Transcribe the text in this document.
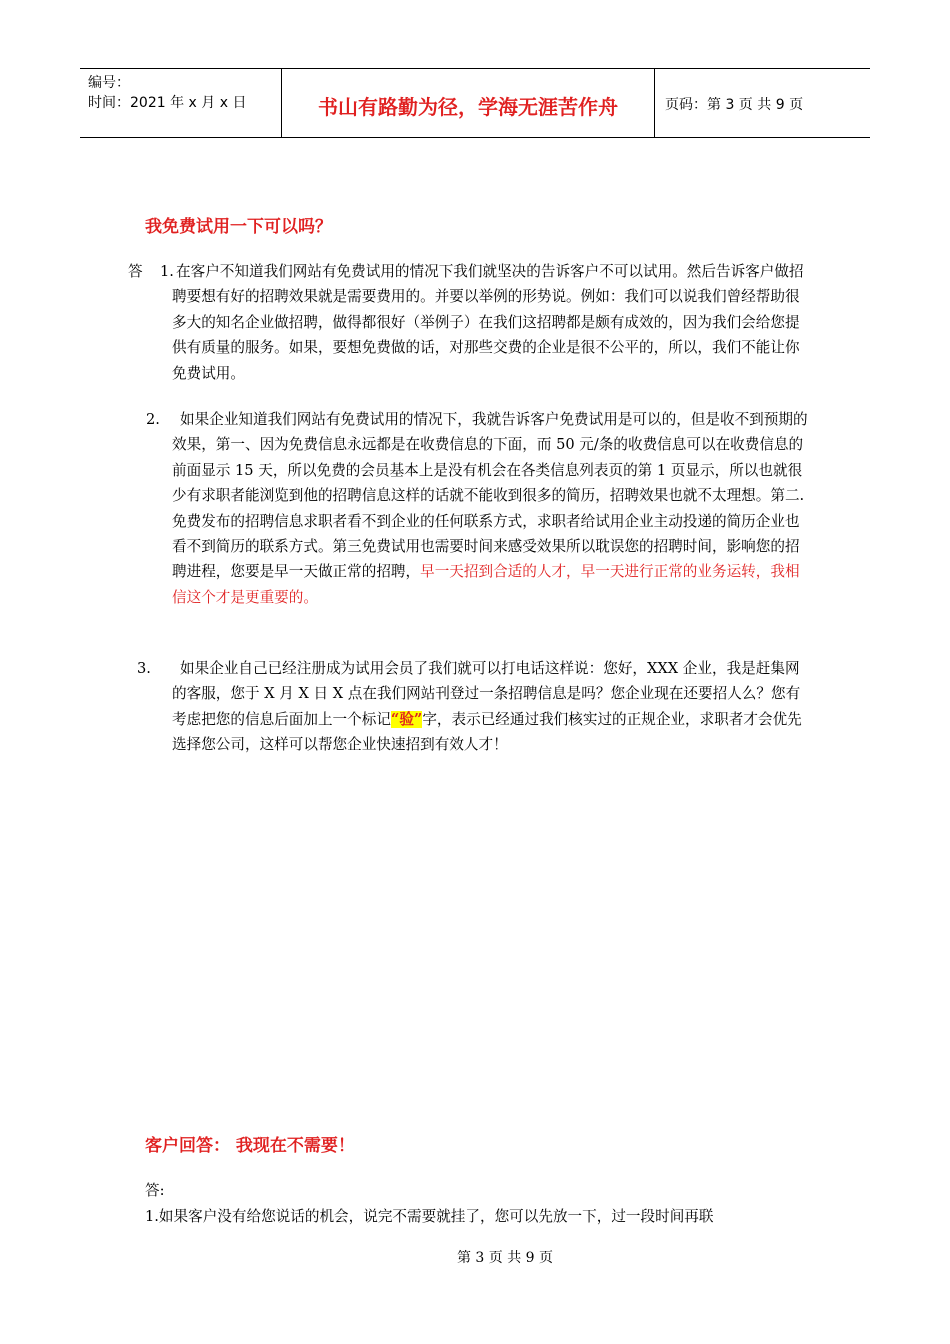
编号：
时间：2021 年 x 月 x 日	书山有路勤为径，学海无涯苦作舟	页码：第 3 页 共 9 页
我免费试用一下可以吗？
答 1. 在客户不知道我们网站有免费试用的情况下我们就坚决的告诉客户不可以试用。然后告诉客户做招聘要想有好的招聘效果就是需要费用的。并要以举例的形势说。例如：我们可以说我们曾经帮助很多大的知名企业做招聘，做得都很好（举例子）在我们这招聘都是颇有成效的，因为我们会给您提供有质量的服务。如果，要想免费做的话，对那些交费的企业是很不公平的，所以，我们不能让你免费试用。
2.	如果企业知道我们网站有免费试用的情况下，我就告诉客户免费试用是可以的，但是收不到预期的效果，第一、因为免费信息永远都是在收费信息的下面，而 50 元/条的收费信息可以在收费信息的前面显示 15 天，所以免费的会员基本上是没有机会在各类信息列表页的第 1 页显示，所以也就很少有求职者能浏览到他的招聘信息这样的话就不能收到很多的简历，招聘效果也就不太理想。第二.免费发布的招聘信息求职者看不到企业的任何联系方式，求职者给试用企业主动投递的简历企业也看不到简历的联系方式。第三免费试用也需要时间来感受效果所以耽误您的招聘时间，影响您的招聘进程，您要是早一天做正常的招聘，早一天招到合适的人才，早一天进行正常的业务运转，我相信这个才是更重要的。
3.	如果企业自己已经注册成为试用会员了我们就可以打电话这样说：您好，XXX 企业，我是赶集网的客服，您于 X 月 X 日 X 点在我们网站刊登过一条招聘信息是吗？您企业现在还要招人么？您有考虑把您的信息后面加上一个标记“验”字，表示已经通过我们核实过的正规企业，求职者才会优先选择您公司，这样可以帮您企业快速招到有效人才！
客户回答： 我现在不需要！
答:
1.如果客户没有给您说话的机会，说完不需要就挂了，您可以先放一下，过一段时间再联
第 3 页 共 9 页
